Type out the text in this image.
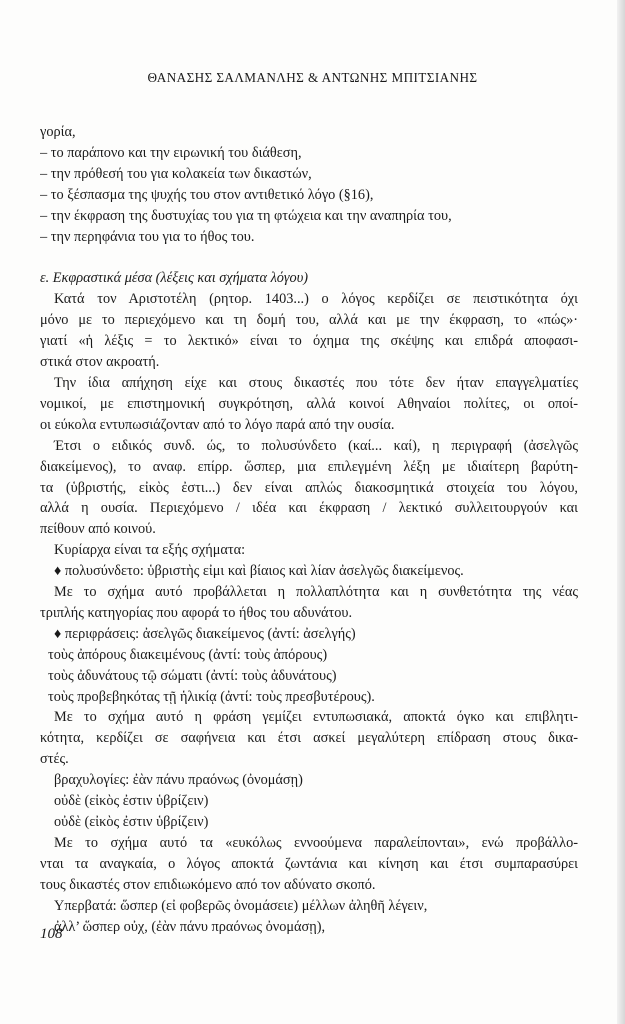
ΘΑΝΑΣΗΣ ΣΑΛΜΑΝΛΗΣ & ΑΝΤΩΝΗΣ ΜΠΙΤΣΙΑΝΗΣ
γορία,
– το παράπονο και την ειρωνική του διάθεση,
– την πρόθεσή του για κολακεία των δικαστών,
– το ξέσπασμα της ψυχής του στον αντιθετικό λόγο (§16),
– την έκφραση της δυστυχίας του για τη φτώχεια και την αναπηρία του,
– την περηφάνια του για το ήθος του.
ε. Εκφραστικά μέσα (λέξεις και σχήματα λόγου)
Κατά τον Αριστοτέλη (ρητορ. 1403...) ο λόγος κερδίζει σε πειστικότητα όχι
μόνο με το περιεχόμενο και τη δομή του, αλλά και με την έκφραση, το «πώς»·
γιατί «ἡ λέξις = το λεκτικό» είναι το όχημα της σκέψης και επιδρά αποφασι-
στικά στον ακροατή.
Την ίδια απήχηση είχε και στους δικαστές που τότε δεν ήταν επαγγελματίες
νομικοί, με επιστημονική συγκρότηση, αλλά κοινοί Αθηναίοι πολίτες, οι οποί-
οι εύκολα εντυπωσιάζονταν από το λόγο παρά από την ουσία.
Έτσι ο ειδικός συνδ. ώς, το πολυσύνδετο (καί... καί), η περιγραφή (ἀσελγῶς
διακείμενος), το αναφ. επίρρ. ὥσπερ, μια επιλεγμένη λέξη με ιδιαίτερη βαρύτη-
τα (ὑβριστής, εἰκὸς ἐστι...) δεν είναι απλώς διακοσμητικά στοιχεία του λόγου,
αλλά η ουσία. Περιεχόμενο / ιδέα και έκφραση / λεκτικό συλλειτουργούν και
πείθουν από κοινού.
Κυρίαρχα είναι τα εξής σχήματα:
♦ πολυσύνδετο: ὑβριστὴς εἰμι καὶ βίαιος καὶ λίαν ἀσελγῶς διακείμενος.
Με το σχήμα αυτό προβάλλεται η πολλαπλότητα και η συνθετότητα της νέας
τριπλής κατηγορίας που αφορά το ήθος του αδυνάτου.
♦ περιφράσεις: ἀσελγῶς διακείμενος (ἀντί: ἀσελγής)
τοὺς ἀπόρους διακειμένους (ἀντί: τοὺς ἀπόρους)
τοὺς ἀδυνάτους τῷ σώματι (ἀντί: τοὺς ἀδυνάτους)
τοὺς προβεβηκότας τῇ ἡλικίᾳ (ἀντί: τοὺς πρεσβυτέρους).
Με το σχήμα αυτό η φράση γεμίζει εντυπωσιακά, αποκτά όγκο και επιβλητι-
κότητα, κερδίζει σε σαφήνεια και έτσι ασκεί μεγαλύτερη επίδραση στους δικα-
στές.
βραχυλογίες: ἐὰν πάνυ πραόνως (ὀνομάσῃ)
οὐδὲ (εἰκὸς ἐστιν ὑβρίζειν)
οὐδὲ (εἰκὸς ἐστιν ὑβρίζειν)
Με το σχήμα αυτό τα «ευκόλως εννοούμενα παραλείπονται», ενώ προβάλλο-
νται τα αναγκαία, ο λόγος αποκτά ζωντάνια και κίνηση και έτσι συμπαρασύρει
τους δικαστές στον επιδιωκόμενο από τον αδύνατο σκοπό.
Υπερβατά: ὥσπερ (εἰ φοβερῶς ὀνομάσειε) μέλλων ἀληθῆ λέγειν,
ἀλλ’ ὥσπερ οὐχ, (ἐὰν πάνυ πραόνως ὀνομάσῃ),
108
